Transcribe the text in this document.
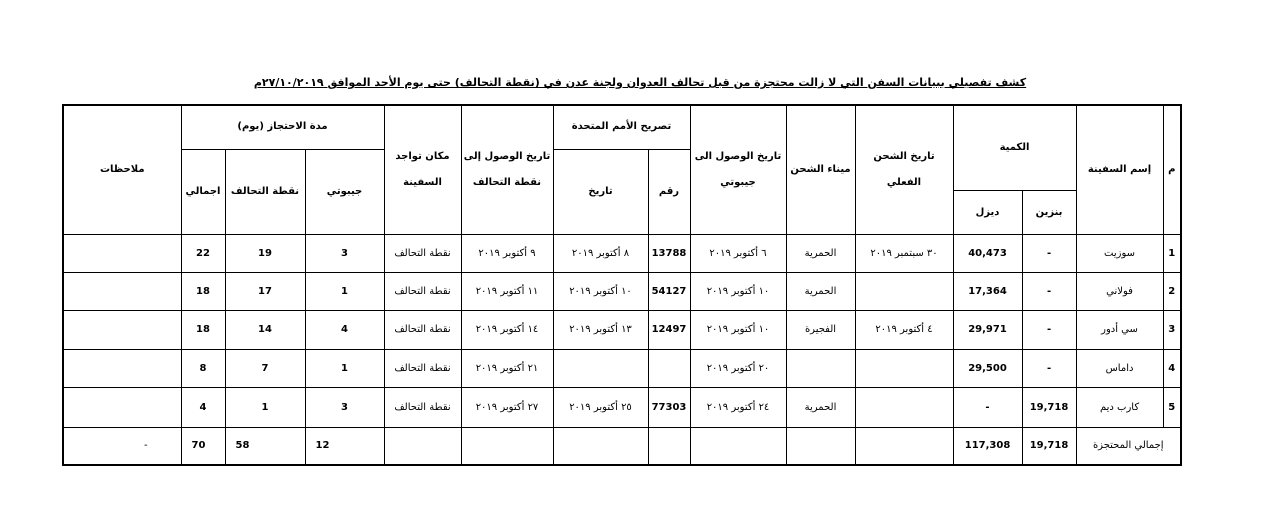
كشف تفصيلي ببيانات السفن التي لا زالت محتجزة من قبل تحالف العدوان ولجنة عدن في (نقطة التحالف) حتى يوم الأحد الموافق ٢٧/١٠/٢٠١٩م
م	إسم السفينة	الكمية		تاريخ الشحن الفعلي	ميناء الشحن	تاريخ الوصول الى جيبوتي	تصريح الأمم المتحدة		تاريخ الوصول إلى نقطة التحالف	مكان تواجد السفينة	مدة الاحتجاز (يوم)			ملاحظات
							رقم	تاريخ			جيبوتي	نقطة التحالف	اجمالي	
		بنزين	ديزل											
1	سوزيت	-	40,473	٣٠ سبتمبر ٢٠١٩	الحمرية	٦ أكتوبر ٢٠١٩	13788	٨ أكتوبر ٢٠١٩	٩ أكتوبر ٢٠١٩	نقطة التحالف	3	19	22	
2	فولاني	-	17,364		الحمرية	١٠ أكتوبر ٢٠١٩	54127	١٠ أكتوبر ٢٠١٩	١١ أكتوبر ٢٠١٩	نقطة التحالف	1	17	18	
3	سي أدور	-	29,971	٤ أكتوبر ٢٠١٩	الفجيرة	١٠ أكتوبر ٢٠١٩	12497	١٣ أكتوبر ٢٠١٩	١٤ أكتوبر ٢٠١٩	نقطة التحالف	4	14	18	
4	داماس	-	29,500			٢٠ أكتوبر ٢٠١٩			٢١ أكتوبر ٢٠١٩	نقطة التحالف	1	7	8	
5	كارب ديم	19,718	-		الحمرية	٢٤ أكتوبر ٢٠١٩	77303	٢٥ أكتوبر ٢٠١٩	٢٧ أكتوبر ٢٠١٩	نقطة التحالف	3	1	4	
إجمالي المحتجزة		19,718	117,308								12	58	70	-
